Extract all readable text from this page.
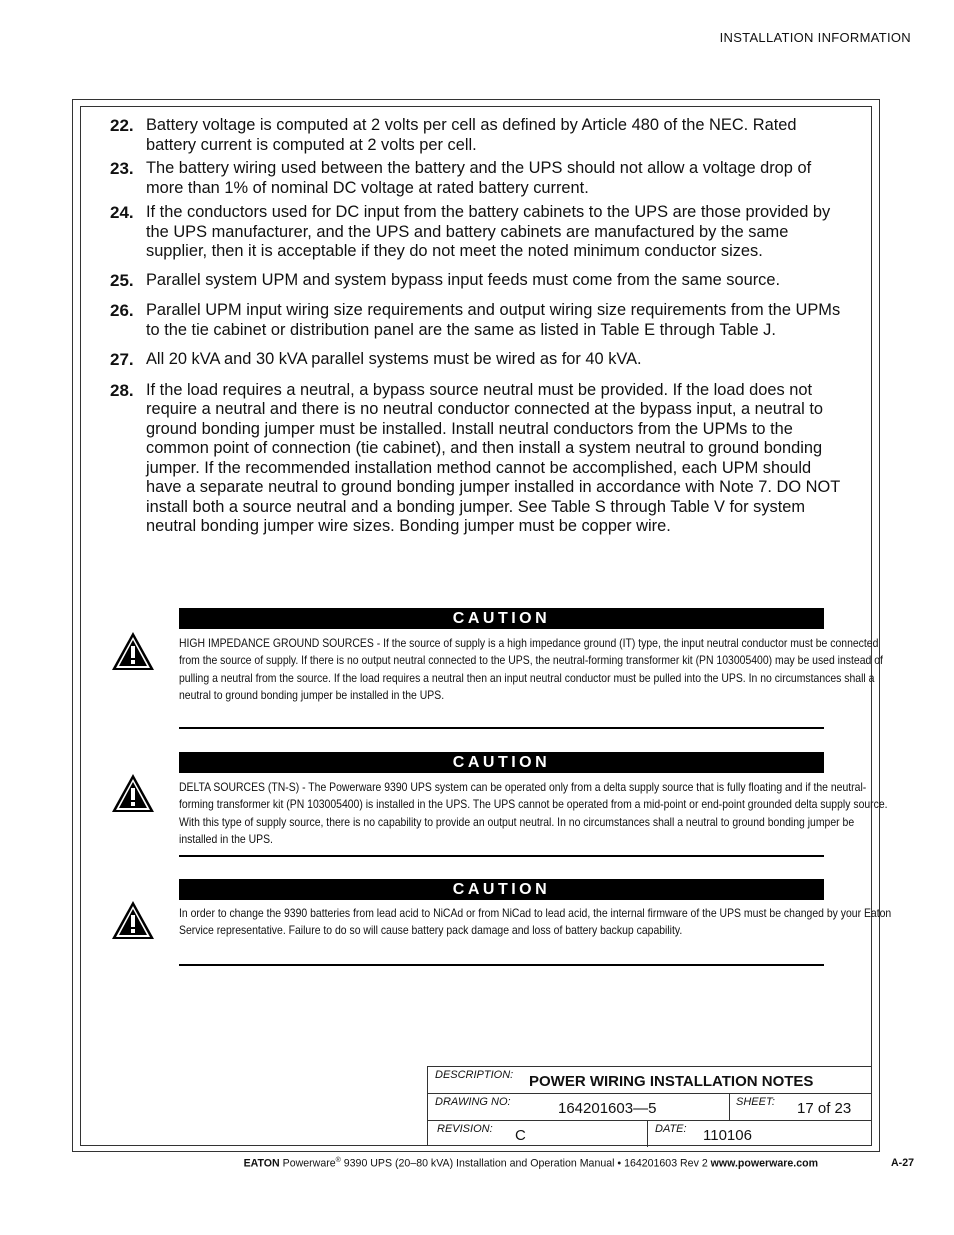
INSTALLATION INFORMATION
22. Battery voltage is computed at 2 volts per cell as defined by Article 480 of the NEC. Rated battery current is computed at 2 volts per cell.
23. The battery wiring used between the battery and the UPS should not allow a voltage drop of more than 1% of nominal DC voltage at rated battery current.
24. If the conductors used for DC input from the battery cabinets to the UPS are those provided by the UPS manufacturer, and the UPS and battery cabinets are manufactured by the same supplier, then it is acceptable if they do not meet the noted minimum conductor sizes.
25. Parallel system UPM and system bypass input feeds must come from the same source.
26. Parallel UPM input wiring size requirements and output wiring size requirements from the UPMs to the tie cabinet or distribution panel are the same as listed in Table E through Table J.
27. All 20 kVA and 30 kVA parallel systems must be wired as for 40 kVA.
28. If the load requires a neutral, a bypass source neutral must be provided. If the load does not require a neutral and there is no neutral conductor connected at the bypass input, a neutral to ground bonding jumper must be installed. Install neutral conductors from the UPMs to the common point of connection (tie cabinet), and then install a system neutral to ground bonding jumper. If the recommended installation method cannot be accomplished, each UPM should have a separate neutral to ground bonding jumper installed in accordance with Note 7. DO NOT install both a source neutral and a bonding jumper. See Table S through Table V for system neutral bonding jumper wire sizes. Bonding jumper must be copper wire.
CAUTION
HIGH IMPEDANCE GROUND SOURCES - If the source of supply is a high impedance ground (IT) type, the input neutral conductor must be connected from the source of supply. If there is no output neutral connected to the UPS, the neutral-forming transformer kit (PN 103005400) may be used instead of pulling a neutral from the source. If the load requires a neutral then an input neutral conductor must be pulled into the UPS. In no circumstances shall a neutral to ground bonding jumper be installed in the UPS.
CAUTION
DELTA SOURCES (TN-S) - The Powerware 9390 UPS system can be operated only from a delta supply source that is fully floating and if the neutral-forming transformer kit (PN 103005400) is installed in the UPS. The UPS cannot be operated from a mid-point or end-point grounded delta supply source. With this type of supply source, there is no capability to provide an output neutral. In no circumstances shall a neutral to ground bonding jumper be installed in the UPS.
CAUTION
In order to change the 9390 batteries from lead acid to NiCAd or from NiCad to lead acid, the internal firmware of the UPS must be changed by your Eaton Service representative. Failure to do so will cause battery pack damage and loss of battery backup capability.
DESCRIPTION: POWER WIRING INSTALLATION NOTES
DRAWING NO:	164201603—5	SHEET: 17 of 23
REVISION: C	DATE: 110106
EATON Powerware® 9390 UPS (20–80 kVA) Installation and Operation Manual • 164201603 Rev 2 www.powerware.com	A-27
